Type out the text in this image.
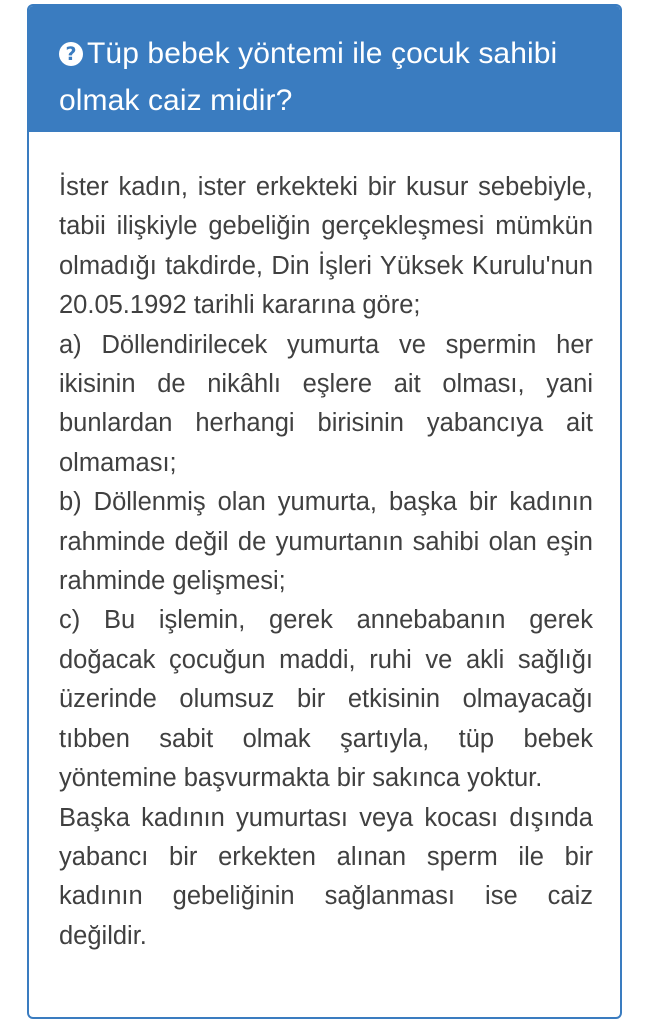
? Tüp bebek yöntemi ile çocuk sahibi olmak caiz midir?

İster kadın, ister erkekteki bir kusur sebebiyle, tabii ilişkiyle gebeliğin gerçekleşmesi mümkün olmadığı takdirde, Din İşleri Yüksek Kurulu'nun 20.05.1992 tarihli kararına göre;

a) Döllendirilecek yumurta ve spermin her ikisinin de nikâhlı eşlere ait olması, yani bunlardan herhangi birisinin yabancıya ait olmaması;

b) Döllenmiş olan yumurta, başka bir kadının rahminde değil de yumurtanın sahibi olan eşin rahminde gelişmesi;

c) Bu işlemin, gerek annebabanın gerek doğacak çocuğun maddi, ruhi ve akli sağlığı üzerinde olumsuz bir etkisinin olmayacağı tıbben sabit olmak şartıyla, tüp bebek yöntemine başvurmakta bir sakınca yoktur.

Başka kadının yumurtası veya kocası dışında yabancı bir erkekten alınan sperm ile bir kadının gebeliğinin sağlanması ise caiz değildir.
